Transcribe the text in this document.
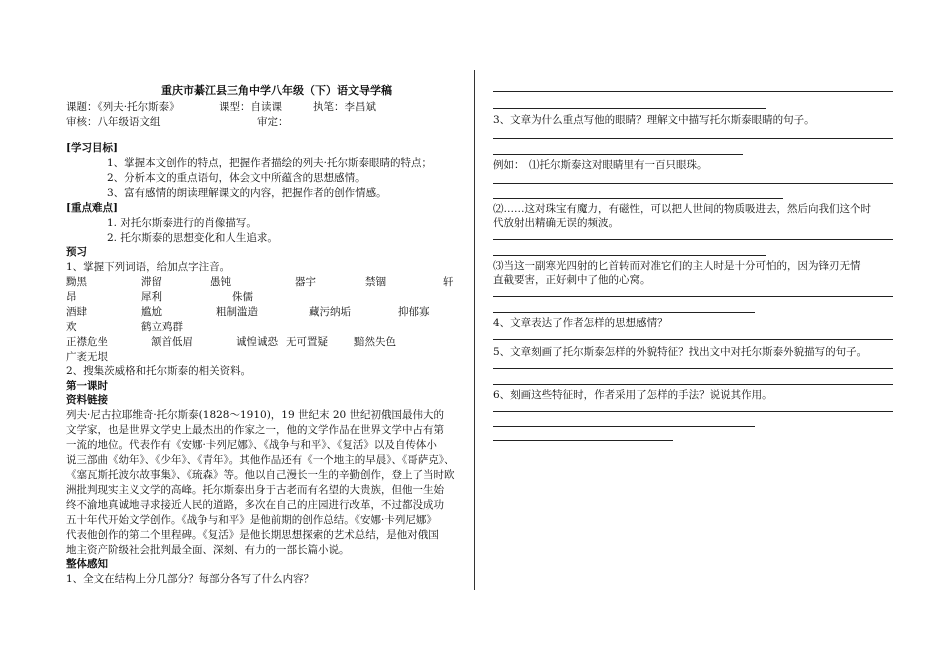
重庆市綦江县三角中学八年级（下）语文导学稿
课题：《列夫·托尔斯泰》	课型：自读课	执笔：李昌斌
审核：八年级语文组	审定：
[学习目标]
1、掌握本文创作的特点，把握作者描绘的列夫·托尔斯泰眼睛的特点；
2、分析本文的重点语句，体会文中所蕴含的思想感情。
3、富有感情的朗读理解课文的内容，把握作者的创作情感。
[重点难点]
1. 对托尔斯泰进行的肖像描写。
2. 托尔斯泰的思想变化和人生追求。
预习
1、掌握下列词语，给加点字注音。
黝黑	滞留	愚钝	器宇	禁锢	轩
昂	犀利	侏儒
酒肆	尴尬	粗制滥造	藏污纳垢	抑郁寡
欢	鹤立鸡群
正襟危坐	颔首低眉	诚惶诚恐 无可置疑 黯然失色
广袤无垠
2、搜集茨威格和托尔斯泰的相关资料。
第一课时
资料链接
列夫·尼古拉耶维奇·托尔斯泰(1828～1910)，19 世纪末 20 世纪初俄国最伟大的
文学家，也是世界文学史上最杰出的作家之一，他的文学作品在世界文学中占有第
一流的地位。代表作有《安娜·卡列尼娜》、《战争与和平》、《复活》以及自传体小
说三部曲《幼年》、《少年》、《青年》。其他作品还有《一个地主的早晨》、《哥萨克》、
《塞瓦斯托波尔故事集》、《琉森》等。他以自己漫长一生的辛勤创作，登上了当时欧
洲批判现实主义文学的高峰。托尔斯泰出身于古老而有名望的大贵族，但他一生始
终不渝地真诚地寻求接近人民的道路，多次在自己的庄园进行改革，不过都没成功
五十年代开始文学创作。《战争与和平》是他前期的创作总结。《安娜·卡列尼娜》
代表他创作的第二个里程碑。《复活》是他长期思想探索的艺术总结，是他对俄国
地主资产阶级社会批判最全面、深刻、有力的一部长篇小说。
整体感知
1、全文在结构上分几部分？每部分各写了什么内容？
3、文章为什么重点写他的眼睛？理解文中描写托尔斯泰眼睛的句子。
例如： ⑴托尔斯泰这对眼睛里有一百只眼珠。
⑵……这对珠宝有魔力，有磁性，可以把人世间的物质吸进去，然后向我们这个时
代放射出精确无误的频波。
⑶当这一副寒光四射的匕首转而对准它们的主人时是十分可怕的，因为锋刃无情
直截要害，正好刺中了他的心窝。
4、文章表达了作者怎样的思想感情？
5、文章刻画了托尔斯泰怎样的外貌特征？找出文中对托尔斯泰外貌描写的句子。
6、刻画这些特征时，作者采用了怎样的手法？说说其作用。
